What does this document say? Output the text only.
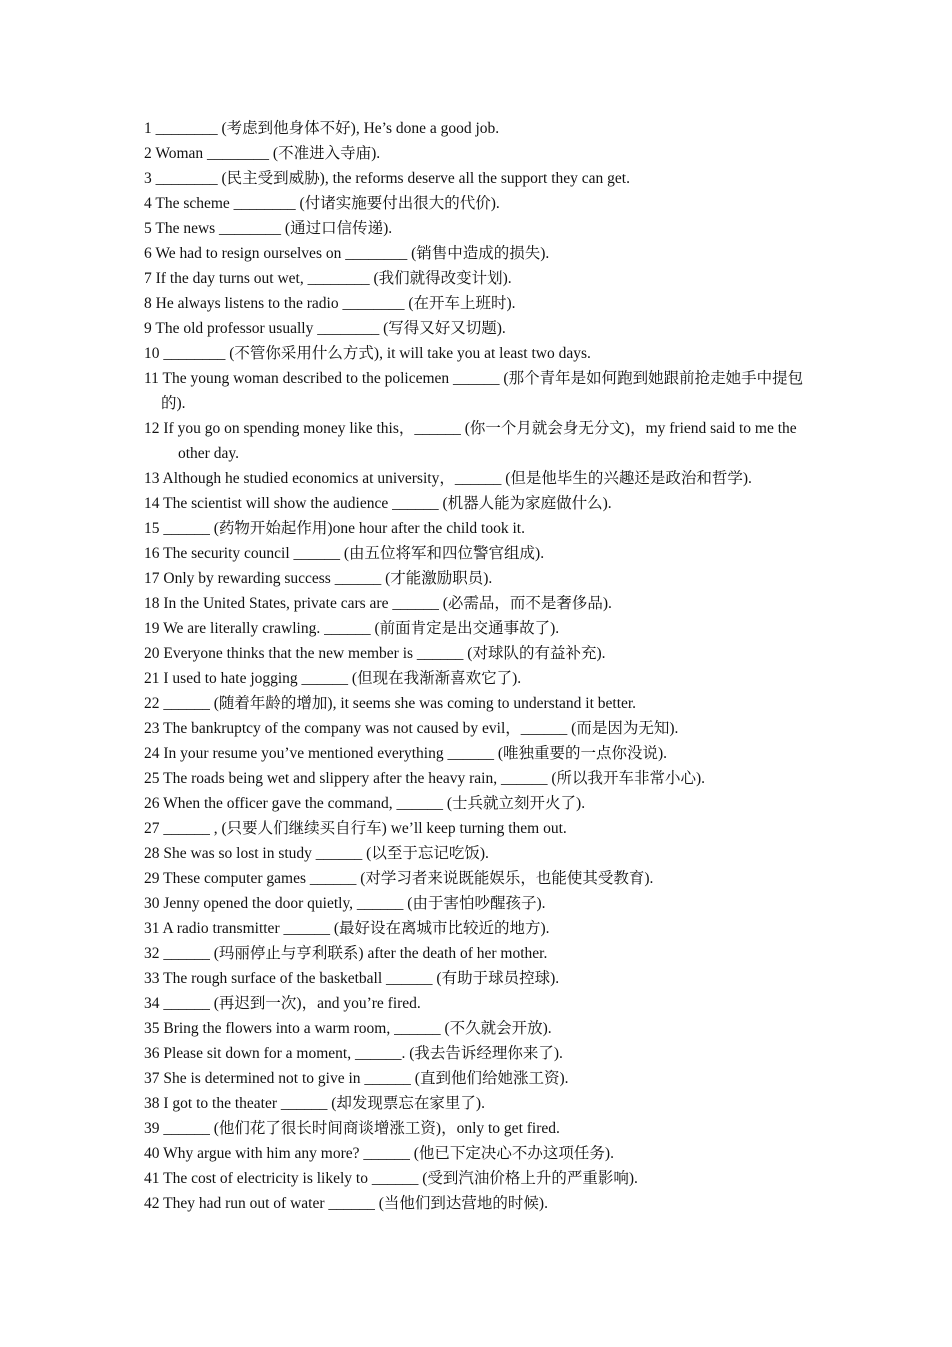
1 ________ (考虑到他身体不好), He’s done a good job.
2 Woman ________ (不准进入寺庙).
3 ________ (民主受到威胁), the reforms deserve all the support they can get.
4 The scheme ________ (付诸实施要付出很大的代价).
5 The news ________ (通过口信传递).
6 We had to resign ourselves on ________ (销售中造成的损失).
7 If the day turns out wet, ________ (我们就得改变计划).
8 He always listens to the radio ________ (在开车上班时).
9 The old professor usually ________ (写得又好又切题).
10 ________ (不管你采用什么方式), it will take you at least two days.
11 The young woman described to the policemen ______ (那个青年是如何跑到她跟前抢走她手中提包的).
12 If you go on spending money like this，______ (你一个月就会身无分文)，my friend said to me the other day.
13 Although he studied economics at university，______ (但是他毕生的兴趣还是政治和哲学).
14 The scientist will show the audience ______ (机器人能为家庭做什么).
15 ______ (药物开始起作用)one hour after the child took it.
16 The security council ______ (由五位将军和四位警官组成).
17 Only by rewarding success ______ (才能激励职员).
18 In the United States, private cars are ______ (必需品，而不是奢侈品).
19 We are literally crawling. ______ (前面肯定是出交通事故了).
20 Everyone thinks that the new member is ______ (对球队的有益补充).
21 I used to hate jogging ______ (但现在我渐渐喜欢它了).
22 ______ (随着年龄的增加), it seems she was coming to understand it better.
23 The bankruptcy of the company was not caused by evil，______ (而是因为无知).
24 In your resume you’ve mentioned everything ______ (唯独重要的一点你没说).
25 The roads being wet and slippery after the heavy rain, ______ (所以我开车非常小心).
26 When the officer gave the command, ______ (士兵就立刻开火了).
27 ______ , (只要人们继续买自行车) we’ll keep turning them out.
28 She was so lost in study ______ (以至于忘记吃饭).
29 These computer games ______ (对学习者来说既能娱乐，也能使其受教育).
30 Jenny opened the door quietly, ______ (由于害怕吵醒孩子).
31 A radio transmitter ______ (最好设在离城市比较近的地方).
32 ______ (玛丽停止与亨利联系) after the death of her mother.
33 The rough surface of the basketball ______ (有助于球员控球).
34 ______ (再迟到一次)，and you’re fired.
35 Bring the flowers into a warm room, ______ (不久就会开放).
36 Please sit down for a moment, ______. (我去告诉经理你来了).
37 She is determined not to give in ______ (直到他们给她涨工资).
38 I got to the theater ______ (却发现票忘在家里了).
39 ______ (他们花了很长时间商谈增涨工资)，only to get fired.
40 Why argue with him any more? ______ (他已下定决心不办这项任务).
41 The cost of electricity is likely to ______ (受到汽油价格上升的严重影响).
42 They had run out of water ______ (当他们到达营地的时候).
